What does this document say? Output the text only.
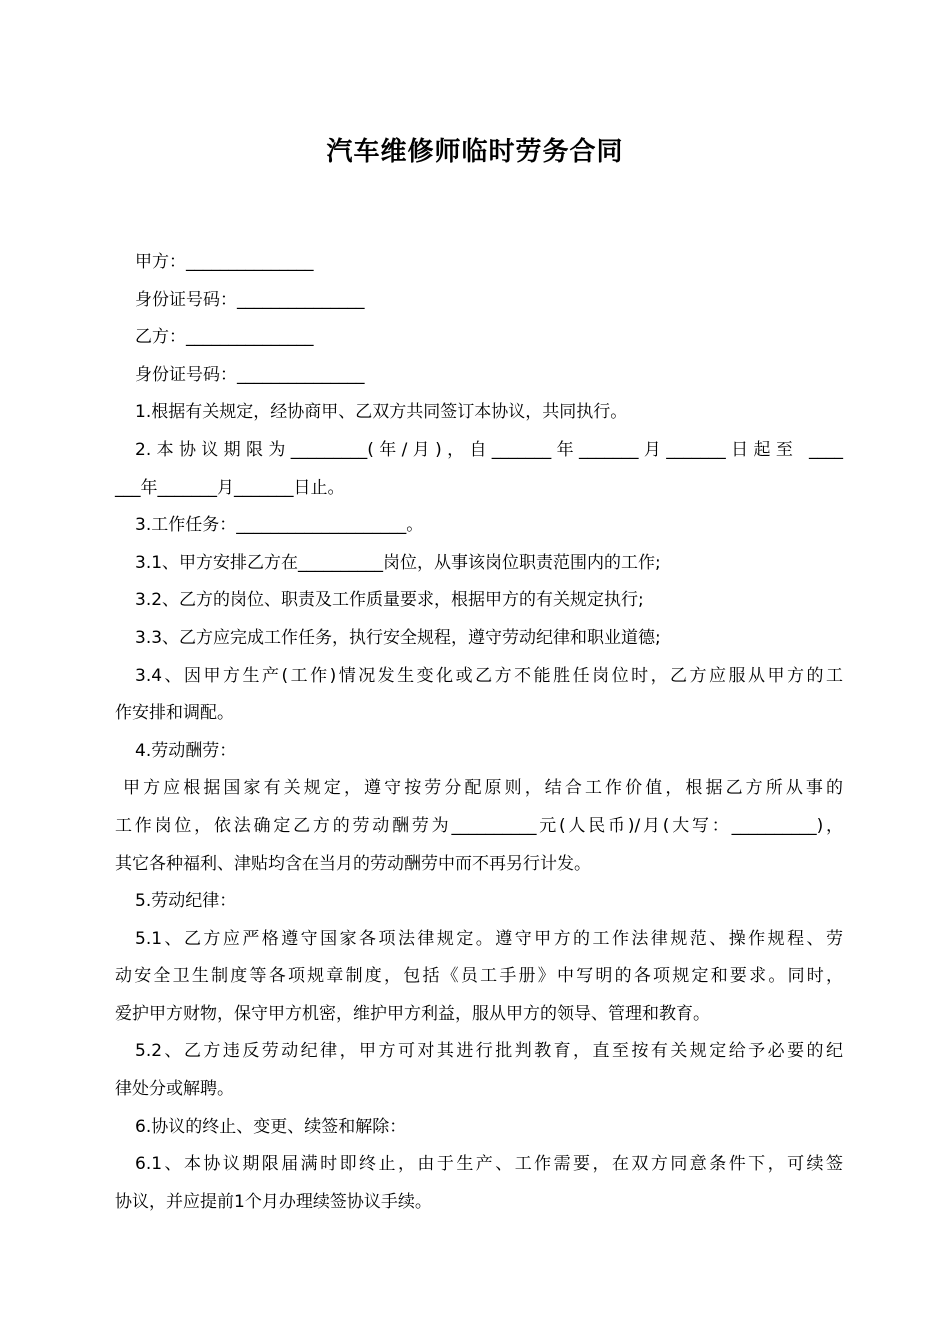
汽车维修师临时劳务合同

甲方：_______________

身份证号码：_______________

乙方：_______________

身份证号码：_______________

1.根据有关规定，经协商甲、乙双方共同签订本协议，共同执行。

2.本协议期限为_________(年/月)，自_______年_______月_______日起至 ____

___年_______月_______日止。

3.工作任务：____________________。

3.1、甲方安排乙方在__________岗位，从事该岗位职责范围内的工作;

3.2、乙方的岗位、职责及工作质量要求，根据甲方的有关规定执行;

3.3、乙方应完成工作任务，执行安全规程，遵守劳动纪律和职业道德;

3.4、因甲方生产(工作)情况发生变化或乙方不能胜任岗位时，乙方应服从甲方的工

作安排和调配。

4.劳动酬劳：

甲方应根据国家有关规定，遵守按劳分配原则，结合工作价值，根据乙方所从事的

工作岗位，依法确定乙方的劳动酬劳为__________元(人民币)/月(大写：__________)，

其它各种福利、津贴均含在当月的劳动酬劳中而不再另行计发。

5.劳动纪律：

5.1、乙方应严格遵守国家各项法律规定。遵守甲方的工作法律规范、操作规程、劳

动安全卫生制度等各项规章制度，包括《员工手册》中写明的各项规定和要求。同时，

爱护甲方财物，保守甲方机密，维护甲方利益，服从甲方的领导、管理和教育。

5.2、乙方违反劳动纪律，甲方可对其进行批判教育，直至按有关规定给予必要的纪

律处分或解聘。

6.协议的终止、变更、续签和解除：

6.1、本协议期限届满时即终止，由于生产、工作需要，在双方同意条件下，可续签

协议，并应提前1个月办理续签协议手续。
